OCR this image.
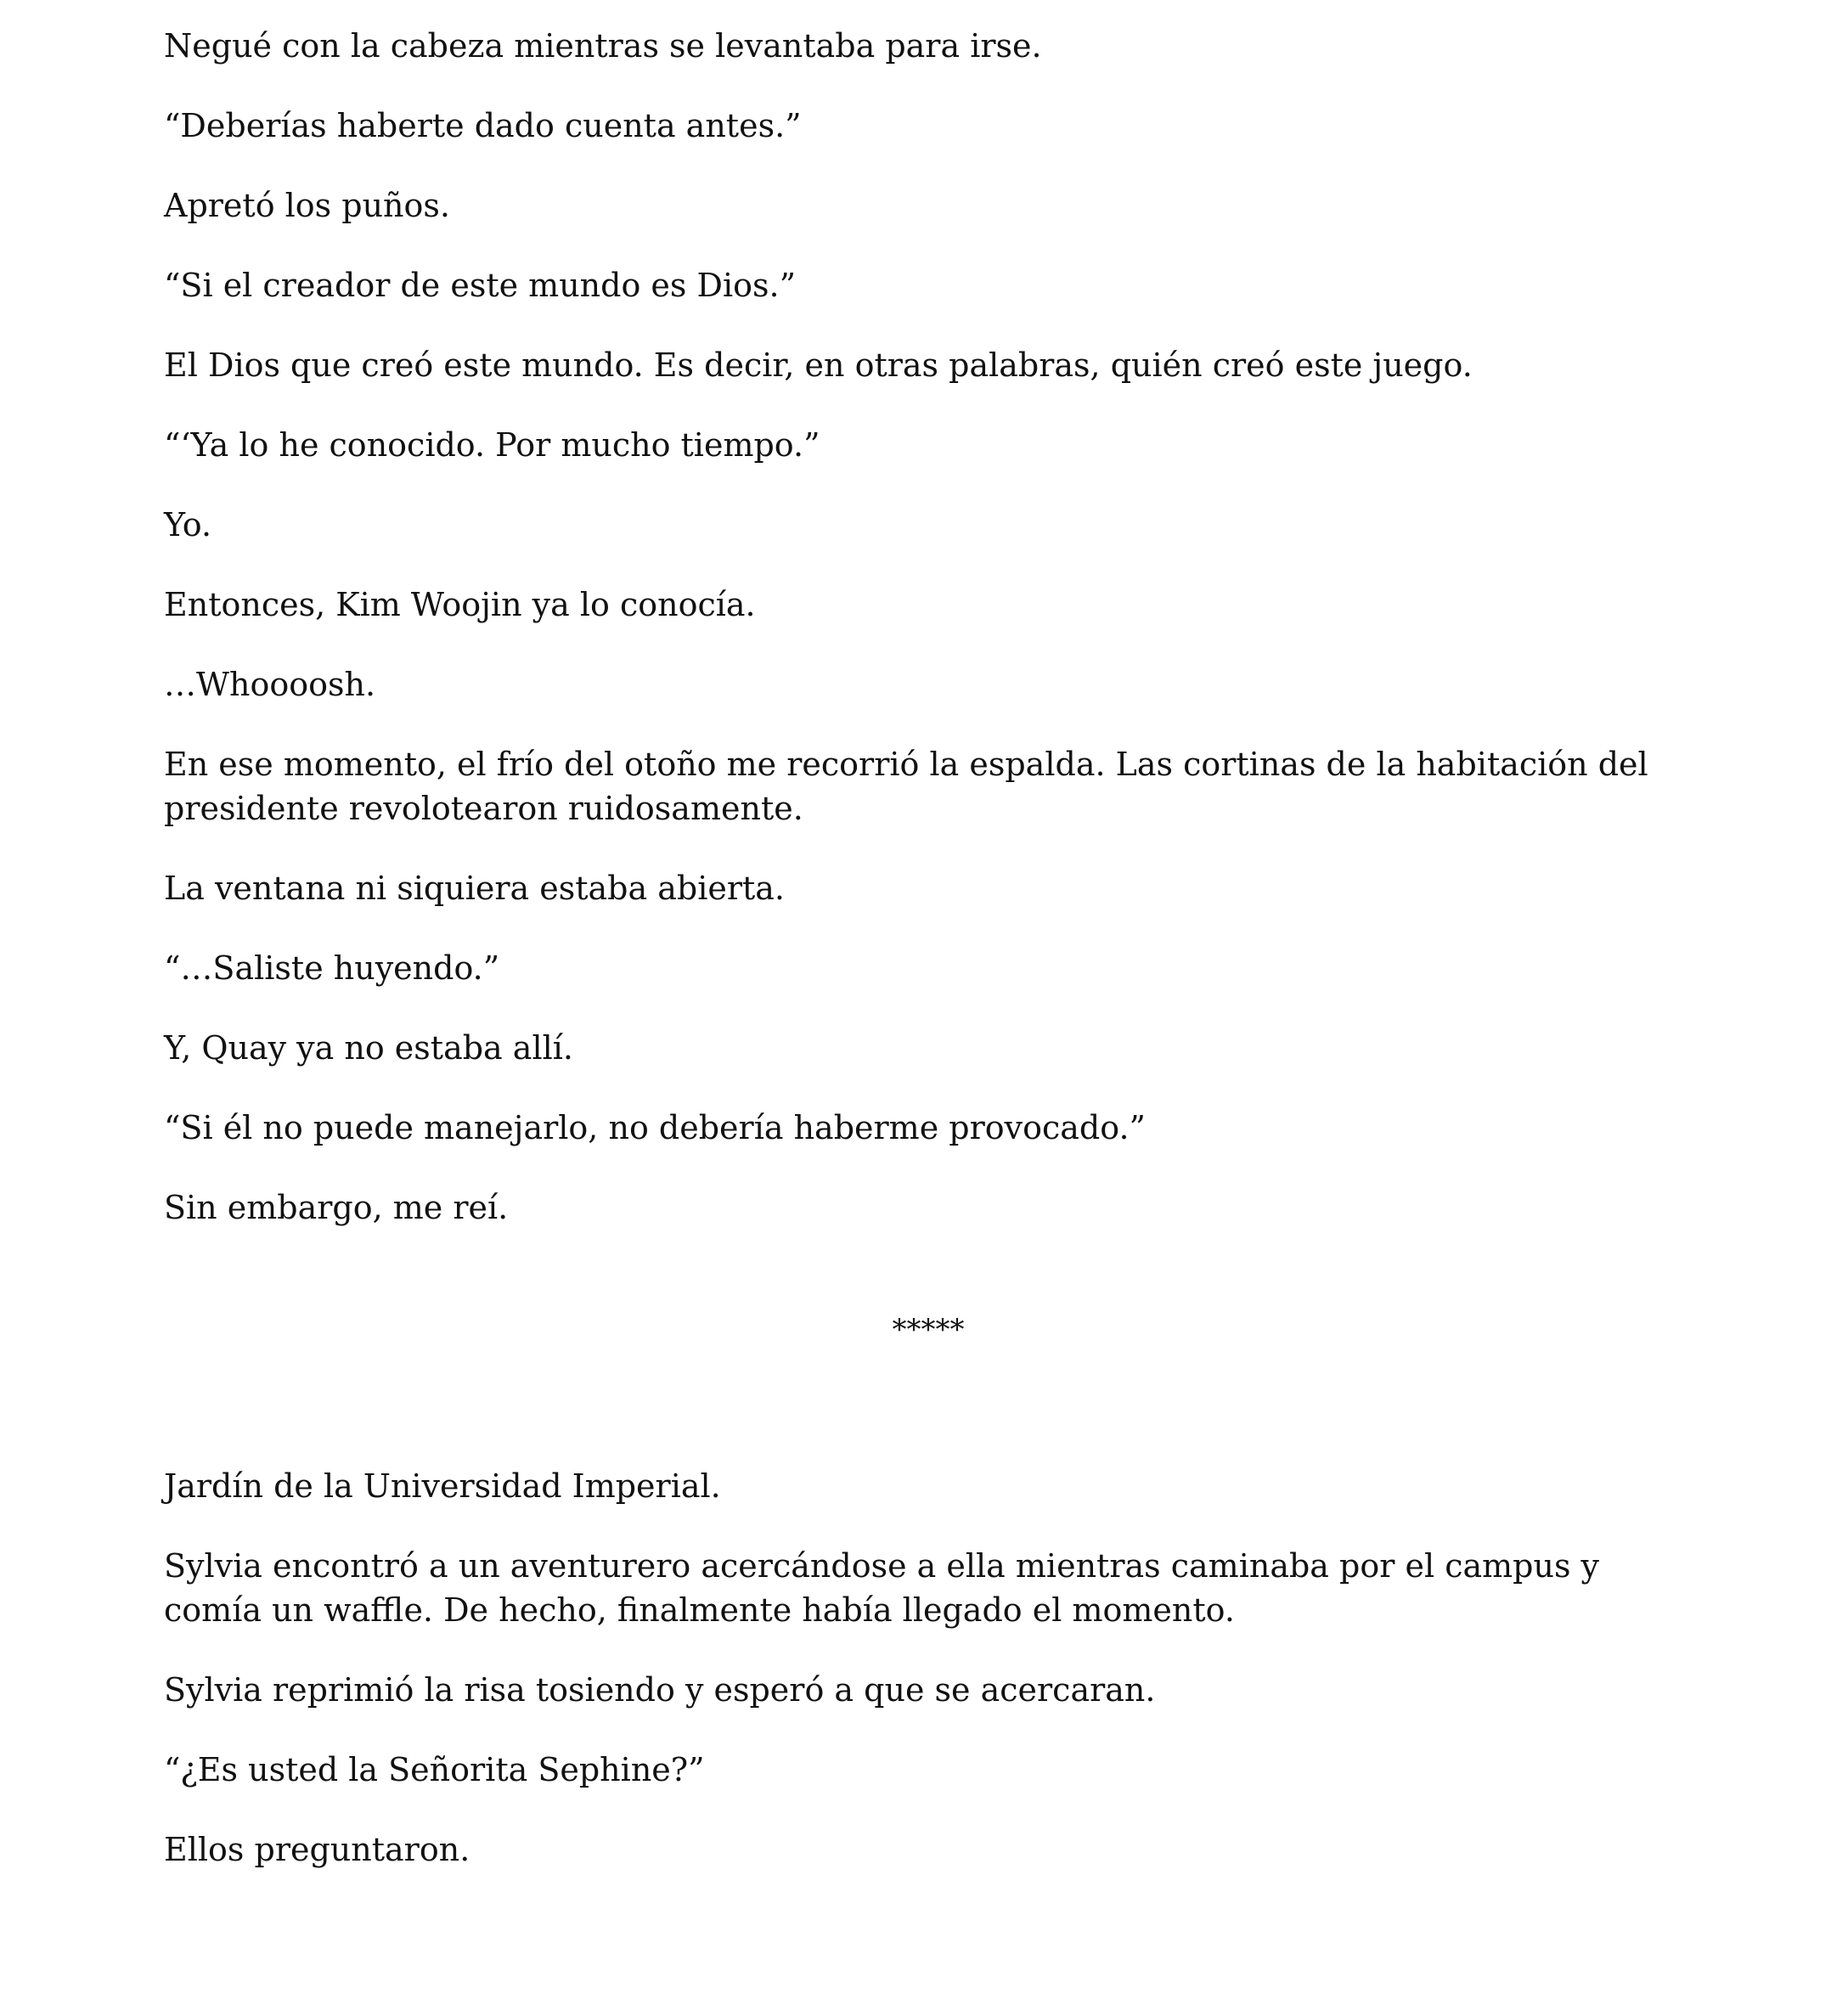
Negué con la cabeza mientras se levantaba para irse.

“Deberías haberte dado cuenta antes.”

Apretó los puños.

“Si el creador de este mundo es Dios.”

El Dios que creó este mundo. Es decir, en otras palabras, quién creó este juego.

“‘Ya lo he conocido. Por mucho tiempo.”

Yo.

Entonces, Kim Woojin ya lo conocía.

…Whoooosh.

En ese momento, el frío del otoño me recorrió la espalda. Las cortinas de la habitación del presidente revolotearon ruidosamente.

La ventana ni siquiera estaba abierta.

“…Saliste huyendo.”

Y, Quay ya no estaba allí.

“Si él no puede manejarlo, no debería haberme provocado.”

Sin embargo, me reí.

*****

Jardín de la Universidad Imperial.

Sylvia encontró a un aventurero acercándose a ella mientras caminaba por el campus y comía un waffle. De hecho, finalmente había llegado el momento.

Sylvia reprimió la risa tosiendo y esperó a que se acercaran.

“¿Es usted la Señorita Sephine?”

Ellos preguntaron.
